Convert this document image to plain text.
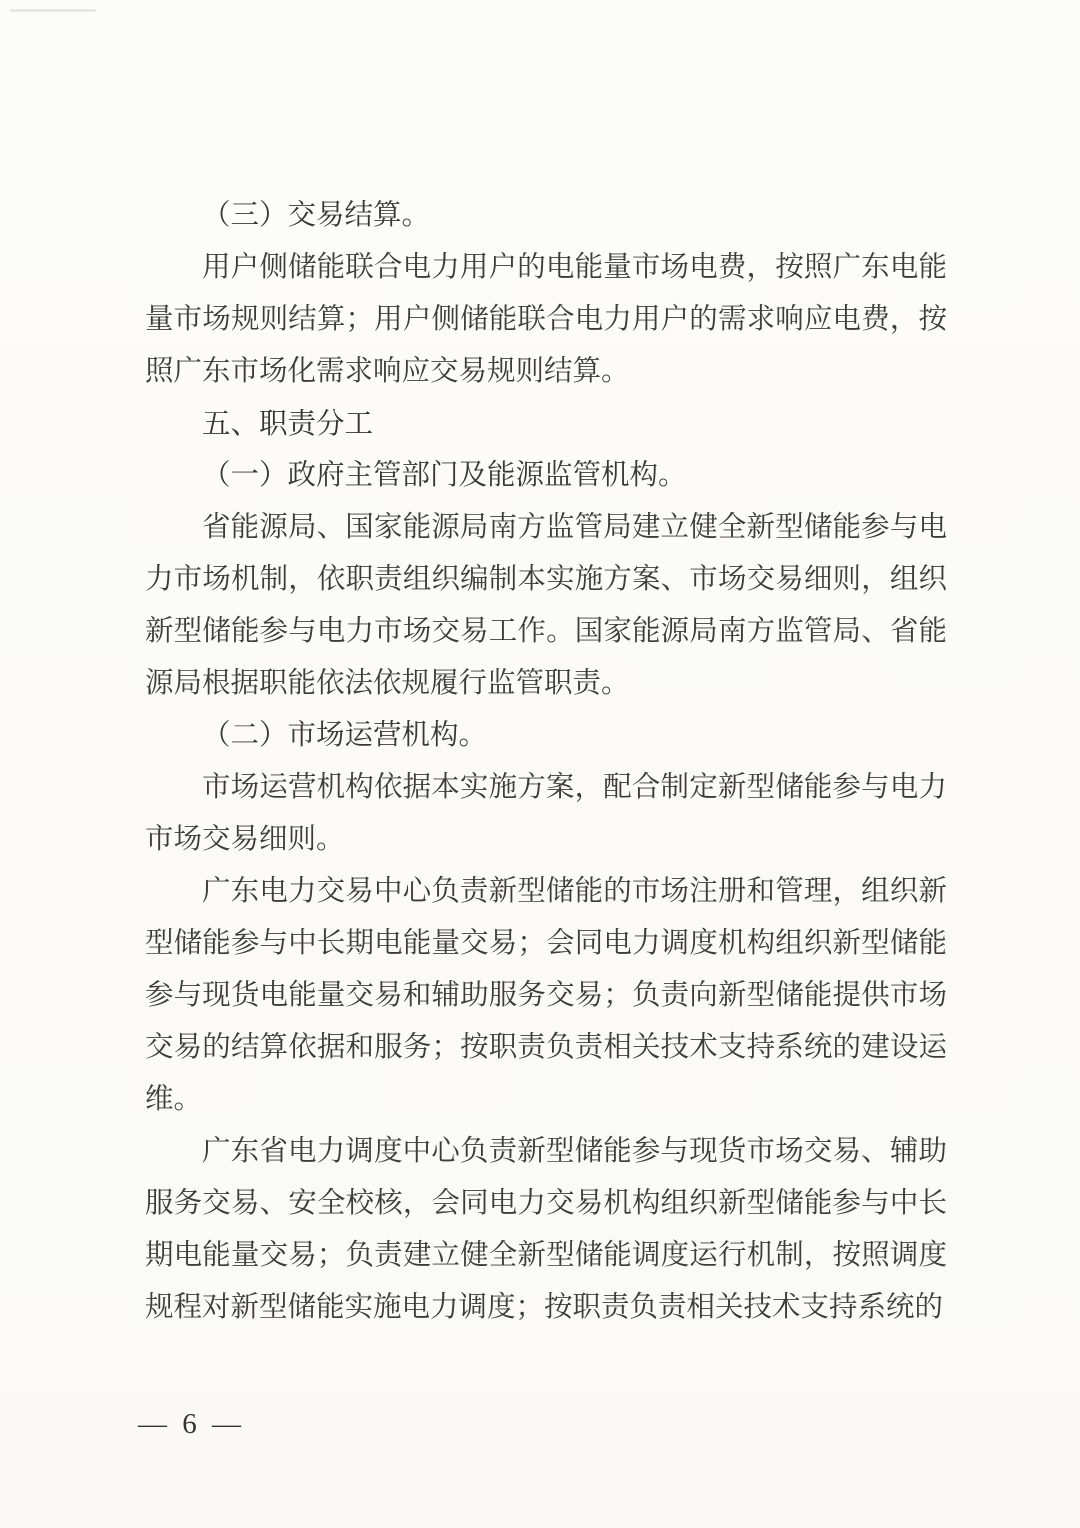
（三）交易结算。

用户侧储能联合电力用户的电能量市场电费，按照广东电能量市场规则结算；用户侧储能联合电力用户的需求响应电费，按照广东市场化需求响应交易规则结算。

五、职责分工
（一）政府主管部门及能源监管机构。

省能源局、国家能源局南方监管局建立健全新型储能参与电力市场机制，依职责组织编制本实施方案、市场交易细则，组织新型储能参与电力市场交易工作。国家能源局南方监管局、省能源局根据职能依法依规履行监管职责。

（二）市场运营机构。

市场运营机构依据本实施方案，配合制定新型储能参与电力市场交易细则。

广东电力交易中心负责新型储能的市场注册和管理，组织新型储能参与中长期电能量交易；会同电力调度机构组织新型储能参与现货电能量交易和辅助服务交易；负责向新型储能提供市场交易的结算依据和服务；按职责负责相关技术支持系统的建设运维。

广东省电力调度中心负责新型储能参与现货市场交易、辅助服务交易、安全校核，会同电力交易机构组织新型储能参与中长期电能量交易；负责建立健全新型储能调度运行机制，按照调度规程对新型储能实施电力调度；按职责负责相关技术支持系统的

— 6 —
